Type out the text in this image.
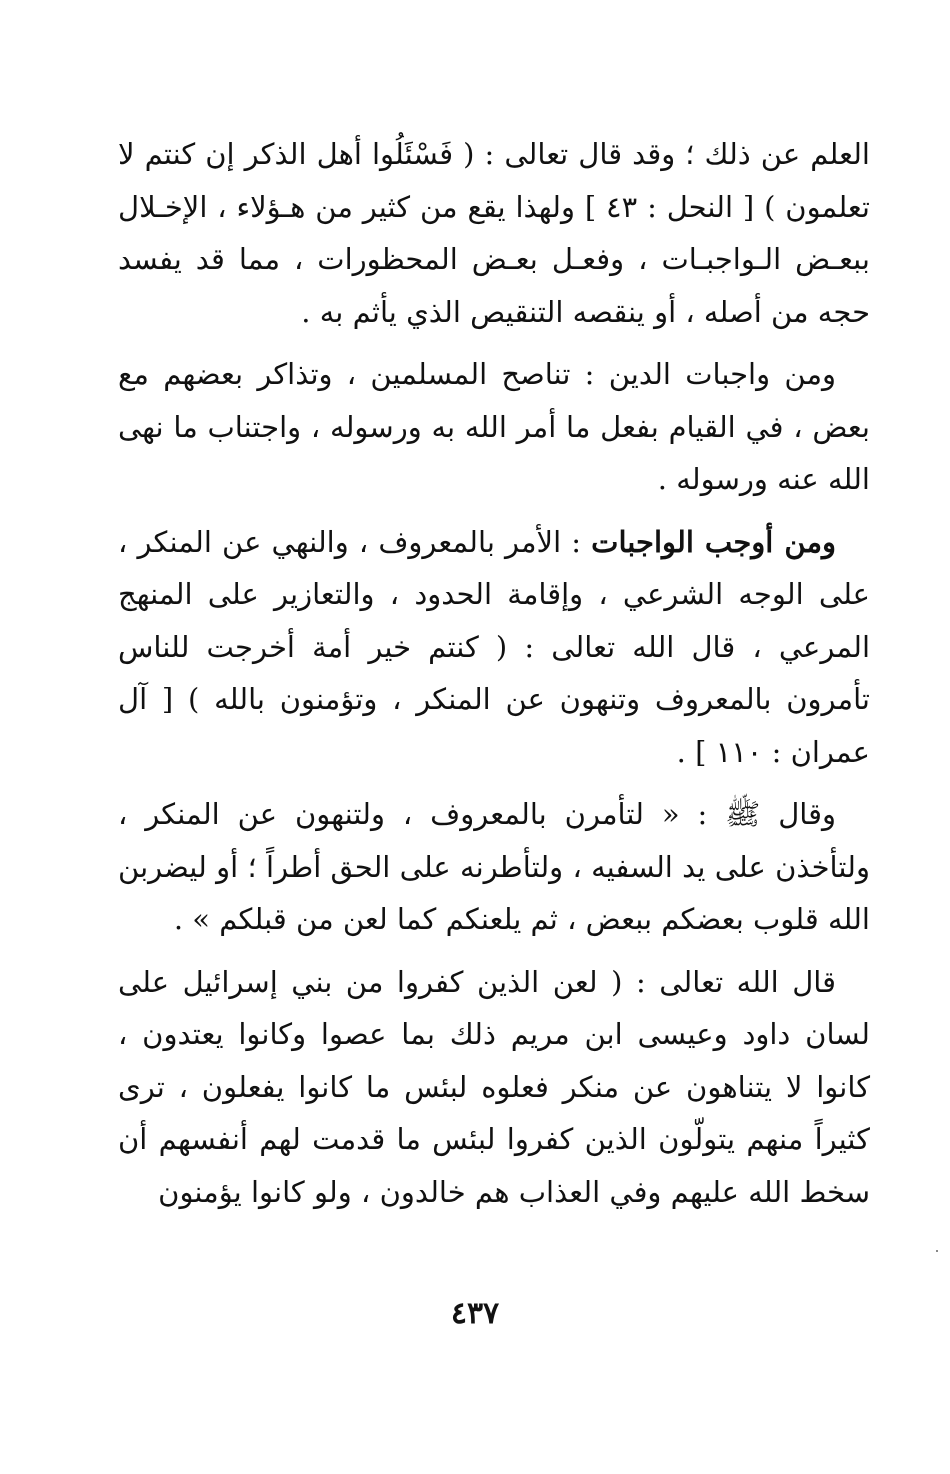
العلم عن ذلك ؛ وقد قال تعالى : ( فَسْئَلُوا أهل الذكر إن كنتم لا تعلمون ) [ النحل : ٤٣ ] ولهذا يقع من كثير من هـؤلاء ، الإخـلال ببعـض الـواجبـات ، وفعـل بعـض المحظورات ، مما قد يفسد حجه من أصله ، أو ينقصه التنقيص الذي يأثم به .

ومن واجبات الدين : تناصح المسلمين ، وتذاكر بعضهم مع بعض ، في القيام بفعل ما أمر الله به ورسوله ، واجتناب ما نهى الله عنه ورسوله .

ومن أوجب الواجبات : الأمر بالمعروف ، والنهي عن المنكر ، على الوجه الشرعي ، وإقامة الحدود ، والتعازير على المنهج المرعي ، قال الله تعالى : ( كنتم خير أمة أخرجت للناس تأمرون بالمعروف وتنهون عن المنكر ، وتؤمنون بالله ) [ آل عمران : ١١٠ ] .

وقال ﷺ : « لتأمرن بالمعروف ، ولتنهون عن المنكر ، ولتأخذن على يد السفيه ، ولتأطرنه على الحق أطراً ؛ أو ليضربن الله قلوب بعضكم ببعض ، ثم يلعنكم كما لعن من قبلكم » .

قال الله تعالى : ( لعن الذين كفروا من بني إسرائيل على لسان داود وعيسى ابن مريم ذلك بما عصوا وكانوا يعتدون ، كانوا لا يتناهون عن منكر فعلوه لبئس ما كانوا يفعلون ، ترى كثيراً منهم يتولّون الذين كفروا لبئس ما قدمت لهم أنفسهم أن سخط الله عليهم وفي العذاب هم خالدون ، ولو كانوا يؤمنون

٤٣٧
